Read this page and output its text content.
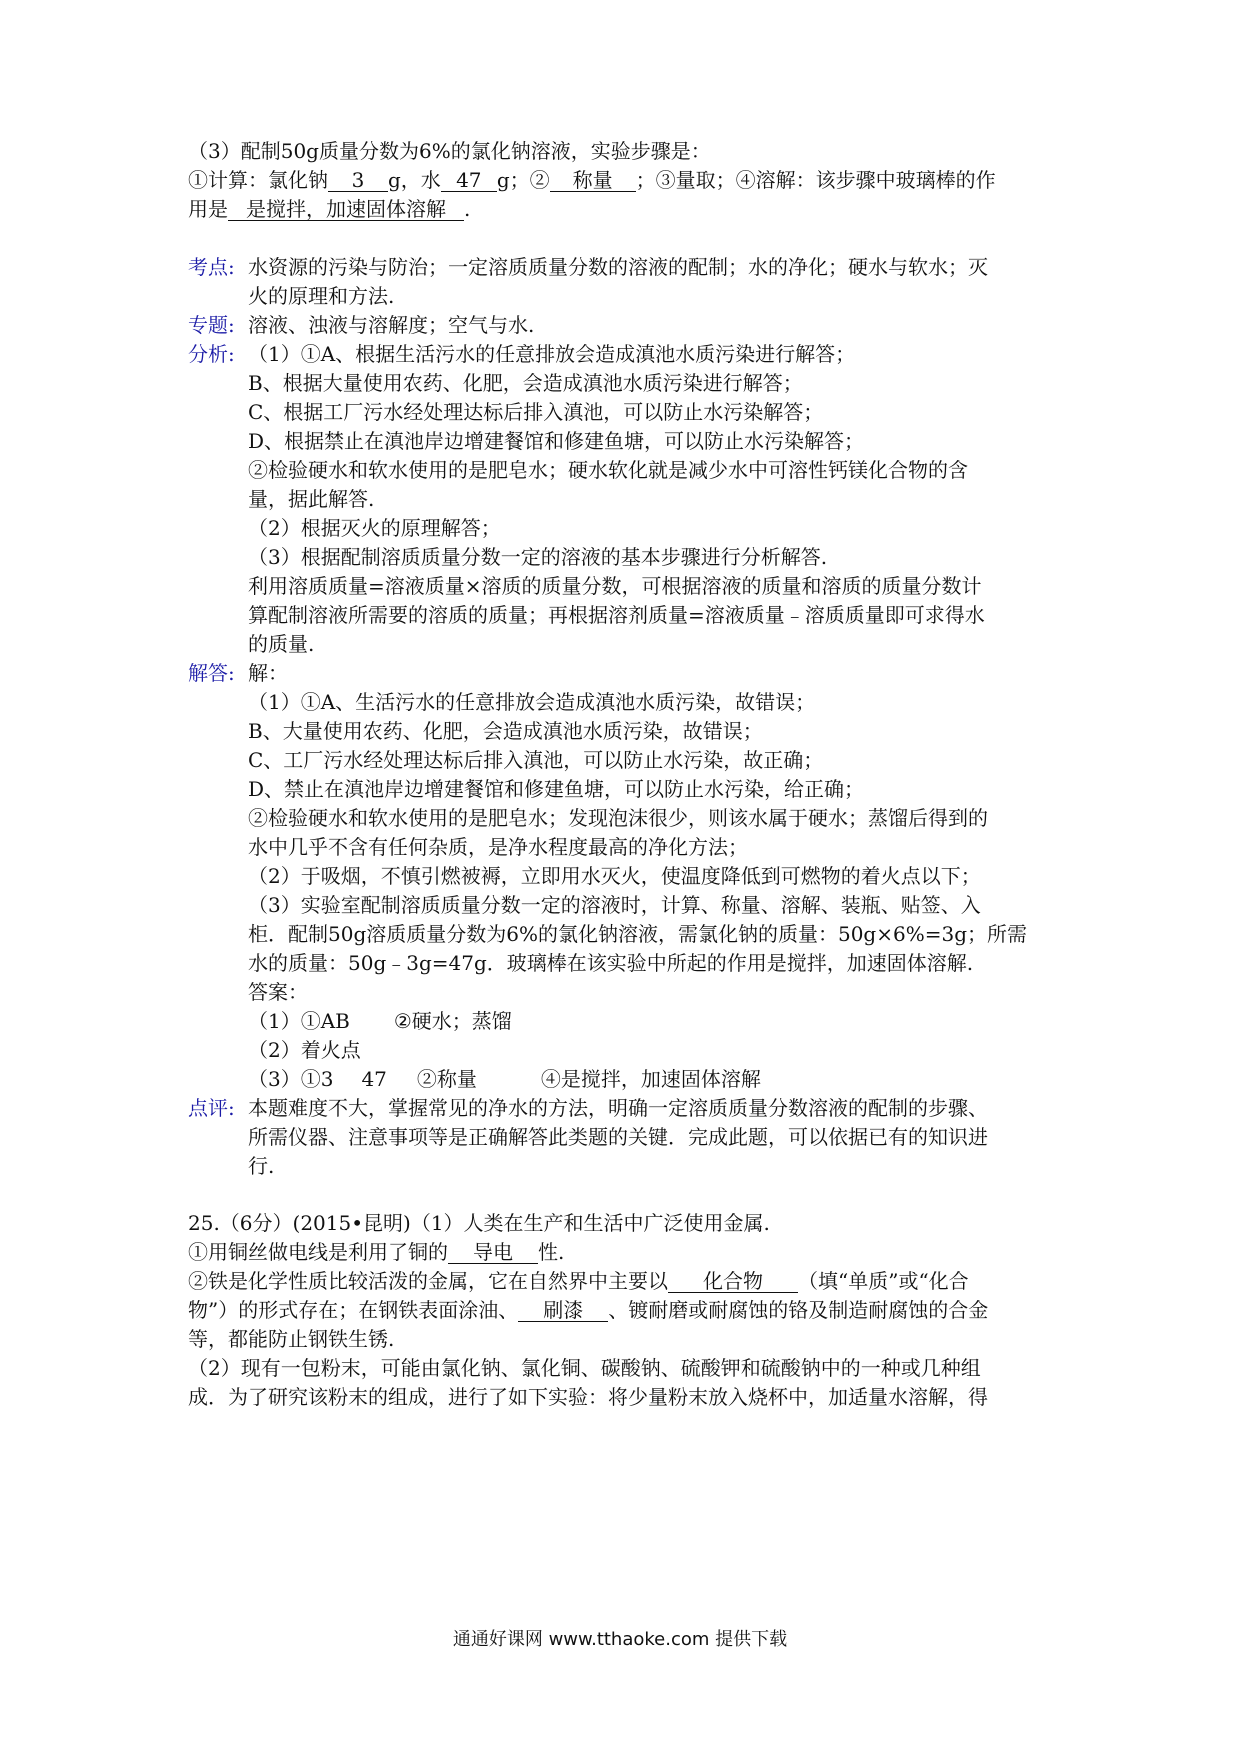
（3）配制50g质量分数为6%的氯化钠溶液，实验步骤是：
①计算：氯化钠 3 g，水 47 g；② 称量 ；③量取；④溶解：该步骤中玻璃棒的作
用是 是搅拌，加速固体溶解 .
考点: 水资源的污染与防治；一定溶质质量分数的溶液的配制；水的净化；硬水与软水；灭
火的原理和方法.
专题: 溶液、浊液与溶解度；空气与水.
分析: （1）①A、根据生活污水的任意排放会造成滇池水质污染进行解答；
B、根据大量使用农药、化肥，会造成滇池水质污染进行解答；
C、根据工厂污水经处理达标后排入滇池，可以防止水污染解答；
D、根据禁止在滇池岸边增建餐馆和修建鱼塘，可以防止水污染解答；
②检验硬水和软水使用的是肥皂水；硬水软化就是减少水中可溶性钙镁化合物的含
量，据此解答.
（2）根据灭火的原理解答；
（3）根据配制溶质质量分数一定的溶液的基本步骤进行分析解答.
利用溶质质量=溶液质量×溶质的质量分数，可根据溶液的质量和溶质的质量分数计
算配制溶液所需要的溶质的质量；再根据溶剂质量=溶液质量﹣溶质质量即可求得水
的质量.
解答: 解：
（1）①A、生活污水的任意排放会造成滇池水质污染，故错误；
B、大量使用农药、化肥，会造成滇池水质污染，故错误；
C、工厂污水经处理达标后排入滇池，可以防止水污染，故正确；
D、禁止在滇池岸边增建餐馆和修建鱼塘，可以防止水污染，给正确；
②检验硬水和软水使用的是肥皂水；发现泡沫很少，则该水属于硬水；蒸馏后得到的
水中几乎不含有任何杂质，是净水程度最高的净化方法；
（2）于吸烟，不慎引燃被褥，立即用水灭火，使温度降低到可燃物的着火点以下；
（3）实验室配制溶质质量分数一定的溶液时，计算、称量、溶解、装瓶、贴签、入
柜．配制50g溶质质量分数为6%的氯化钠溶液，需氯化钠的质量：50g×6%=3g；所需
水的质量：50g﹣3g=47g．玻璃棒在该实验中所起的作用是搅拌，加速固体溶解.
答案：
（1）①AB ②硬水；蒸馏
（2）着火点
（3）①3 47 ②称量	④是搅拌，加速固体溶解
点评: 本题难度不大，掌握常见的净水的方法，明确一定溶质质量分数溶液的配制的步骤、
所需仪器、注意事项等是正确解答此类题的关键．完成此题，可以依据已有的知识进
行.
25.（6分）(2015•昆明)（1）人类在生产和生活中广泛使用金属.
①用铜丝做电线是利用了铜的 导电 性.
②铁是化学性质比较活泼的金属，它在自然界中主要以 化合物 （填“单质”或“化合
物”）的形式存在；在钢铁表面涂油、 刷漆 、镀耐磨或耐腐蚀的铬及制造耐腐蚀的合金
等，都能防止钢铁生锈.
（2）现有一包粉末，可能由氯化钠、氯化铜、碳酸钠、硫酸钾和硫酸钠中的一种或几种组
成．为了研究该粉末的组成，进行了如下实验：将少量粉末放入烧杯中，加适量水溶解，得
通通好课网 www.tthaoke.com 提供下载
